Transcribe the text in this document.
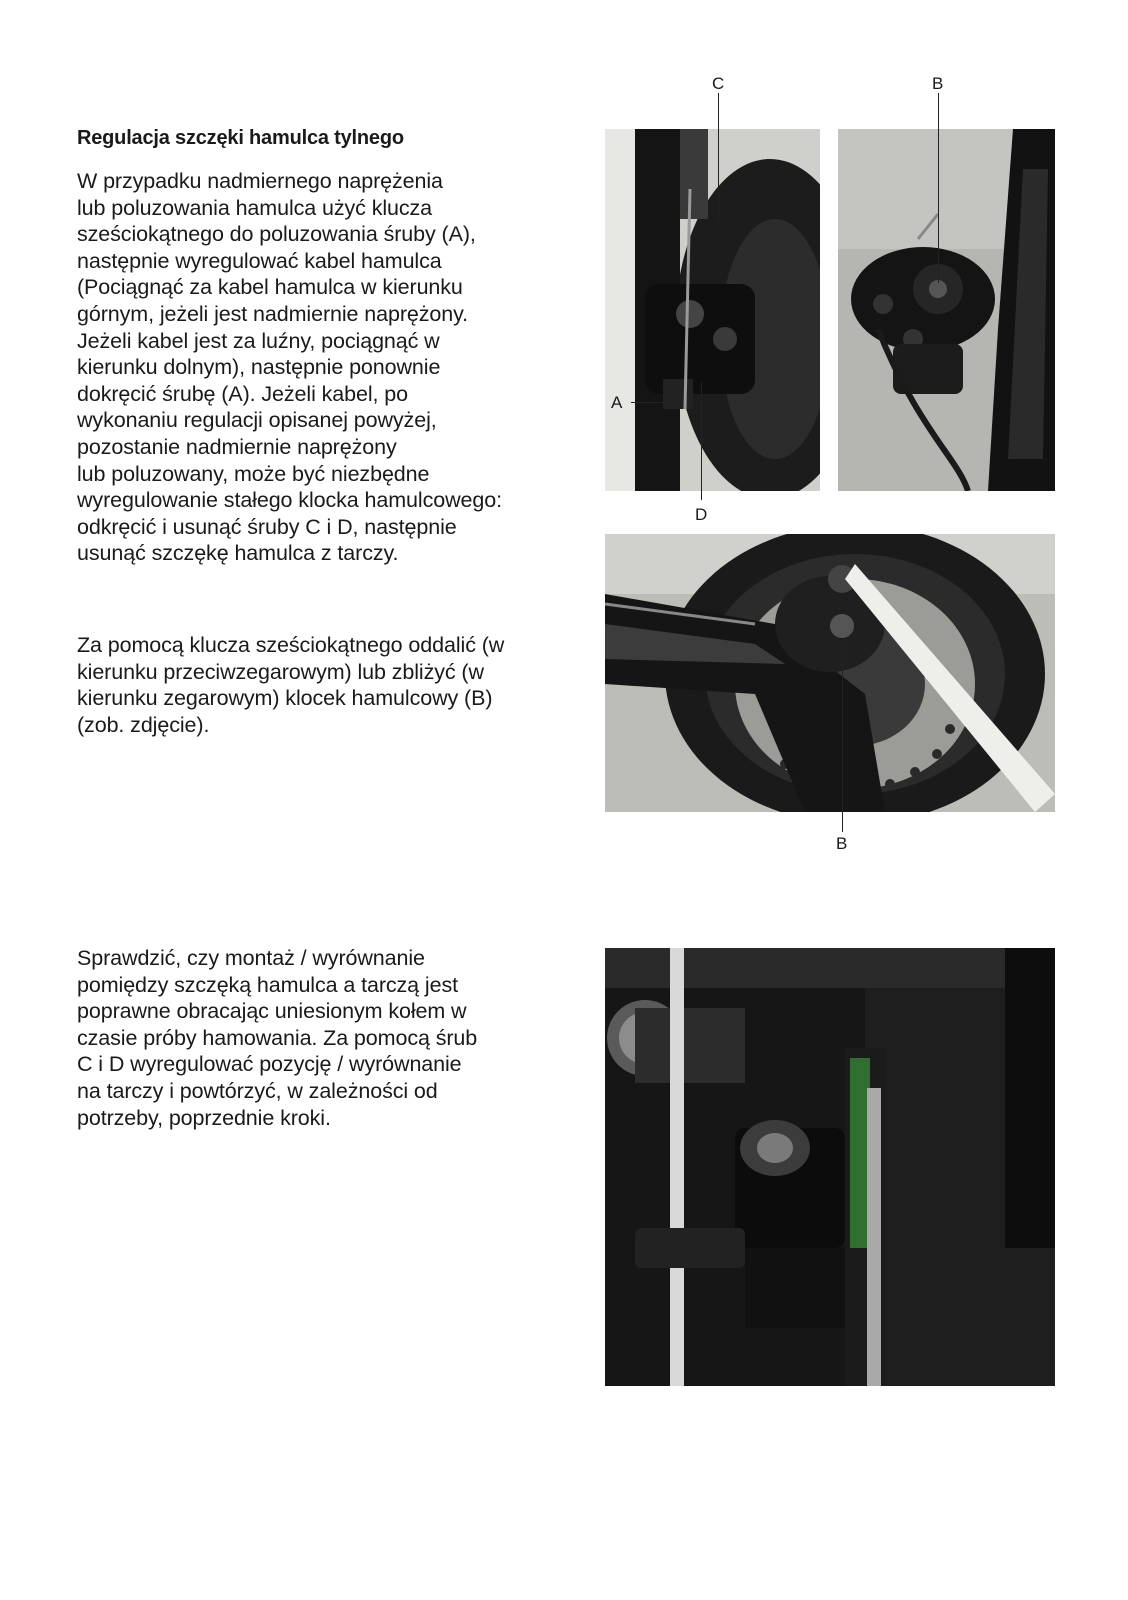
Regulacja szczęki hamulca tylnego

W przypadku nadmiernego naprężenia
lub poluzowania hamulca użyć klucza
sześciokątnego do poluzowania śruby (A),
następnie wyregulować kabel hamulca
(Pociągnąć za kabel hamulca w kierunku
górnym, jeżeli jest nadmiernie naprężony.
Jeżeli kabel jest za luźny, pociągnąć w
kierunku dolnym), następnie ponownie
dokręcić śrubę (A). Jeżeli kabel, po
wykonaniu regulacji opisanej powyżej,
pozostanie nadmiernie naprężony
lub poluzowany, może być niezbędne
wyregulowanie stałego klocka hamulcowego:
odkręcić i usunąć śruby C i D, następnie
usunąć szczękę hamulca z tarczy.

Za pomocą klucza sześciokątnego oddalić (w
kierunku przeciwzegarowym) lub zbliżyć (w
kierunku zegarowym) klocek hamulcowy (B)
(zob. zdjęcie).

Sprawdzić, czy montaż / wyrównanie
pomiędzy szczęką hamulca a tarczą jest
poprawne obracając uniesionym kołem w
czasie próby hamowania. Za pomocą śrub
C i D wyregulować pozycję / wyrównanie
na tarczy i powtórzyć, w zależności od
potrzeby, poprzednie kroki.

C	B
A
D
B
